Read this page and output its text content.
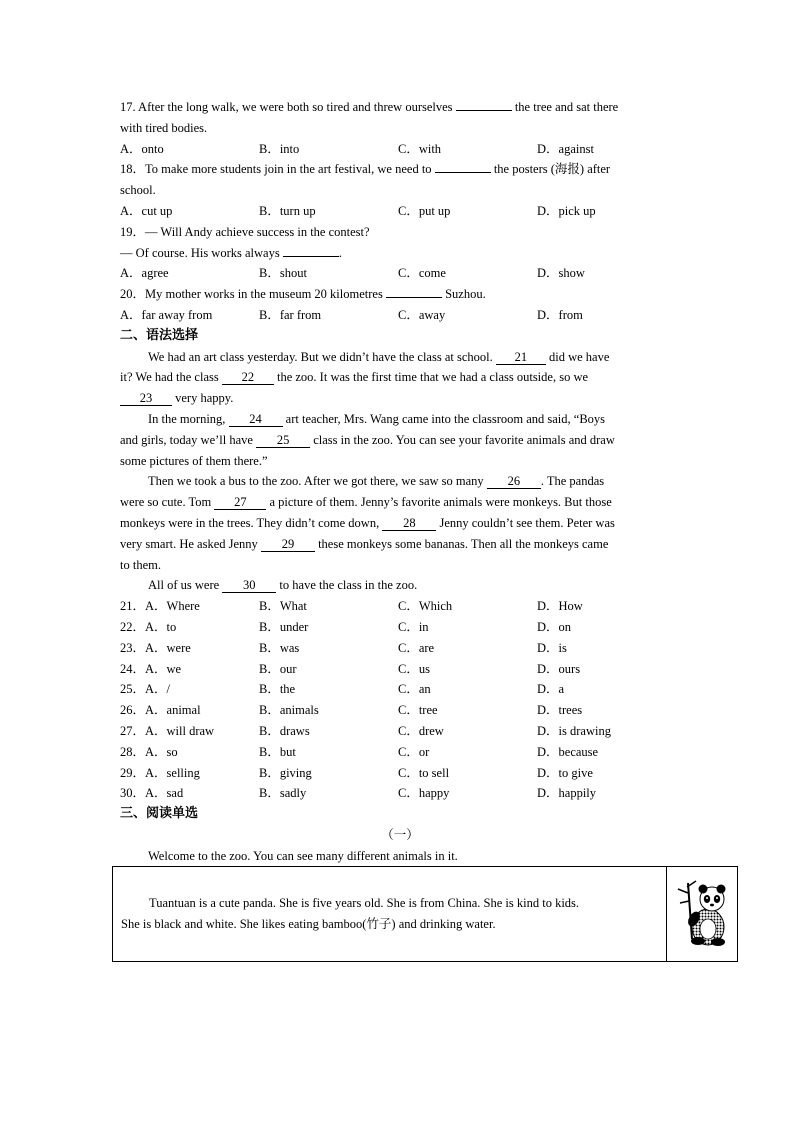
17. After the long walk, we were both so tired and threw ourselves	the tree and sat there
with tired bodies.
A．onto	B．into	C．with	D．against
18．To make more students join in the art festival, we need to	the posters (海报) after
school.
A．cut up	B．turn up	C．put up	D．pick up
19．— Will Andy achieve success in the contest?
— Of course. His works always	.
A．agree	B．shout	C．come	D．show
20．My mother works in the museum 20 kilometres	Suzhou.
A．far away from	B．far from	C．away	D．from
二、语法选择
We had an art class yesterday. But we didn’t have the class at school. 21 did we have
it? We had the class 22 the zoo. It was the first time that we had a class outside, so we
23 very happy.
In the morning, 24 art teacher, Mrs. Wang came into the classroom and said, “Boys
and girls, today we’ll have 25 class in the zoo. You can see your favorite animals and draw
some pictures of them there.”
Then we took a bus to the zoo. After we got there, we saw so many 26 . The pandas
were so cute. Tom 27 a picture of them. Jenny’s favorite animals were monkeys. But those
monkeys were in the trees. They didn’t come down, 28 Jenny couldn’t see them. Peter was
very smart. He asked Jenny 29 these monkeys some bananas. Then all the monkeys came
to them.
All of us were 30 to have the class in the zoo.
21．A．Where	B．What	C．Which	D．How
22．A．to	B．under	C．in	D．on
23．A．were	B．was	C．are	D．is
24．A．we	B．our	C．us	D．ours
25．A．/	B．the	C．an	D．a
26．A．animal	B．animals	C．tree	D．trees
27．A．will draw	B．draws	C．drew	D．is drawing
28．A．so	B．but	C．or	D．because
29．A．selling	B．giving	C．to sell	D．to give
30．A．sad	B．sadly	C．happy	D．happily
三、阅读单选
（一）
Welcome to the zoo. You can see many different animals in it.
Tuantuan is a cute panda. She is five years old. She is from China. She is kind to kids.
She is black and white. She likes eating bamboo(竹子) and drinking water.
